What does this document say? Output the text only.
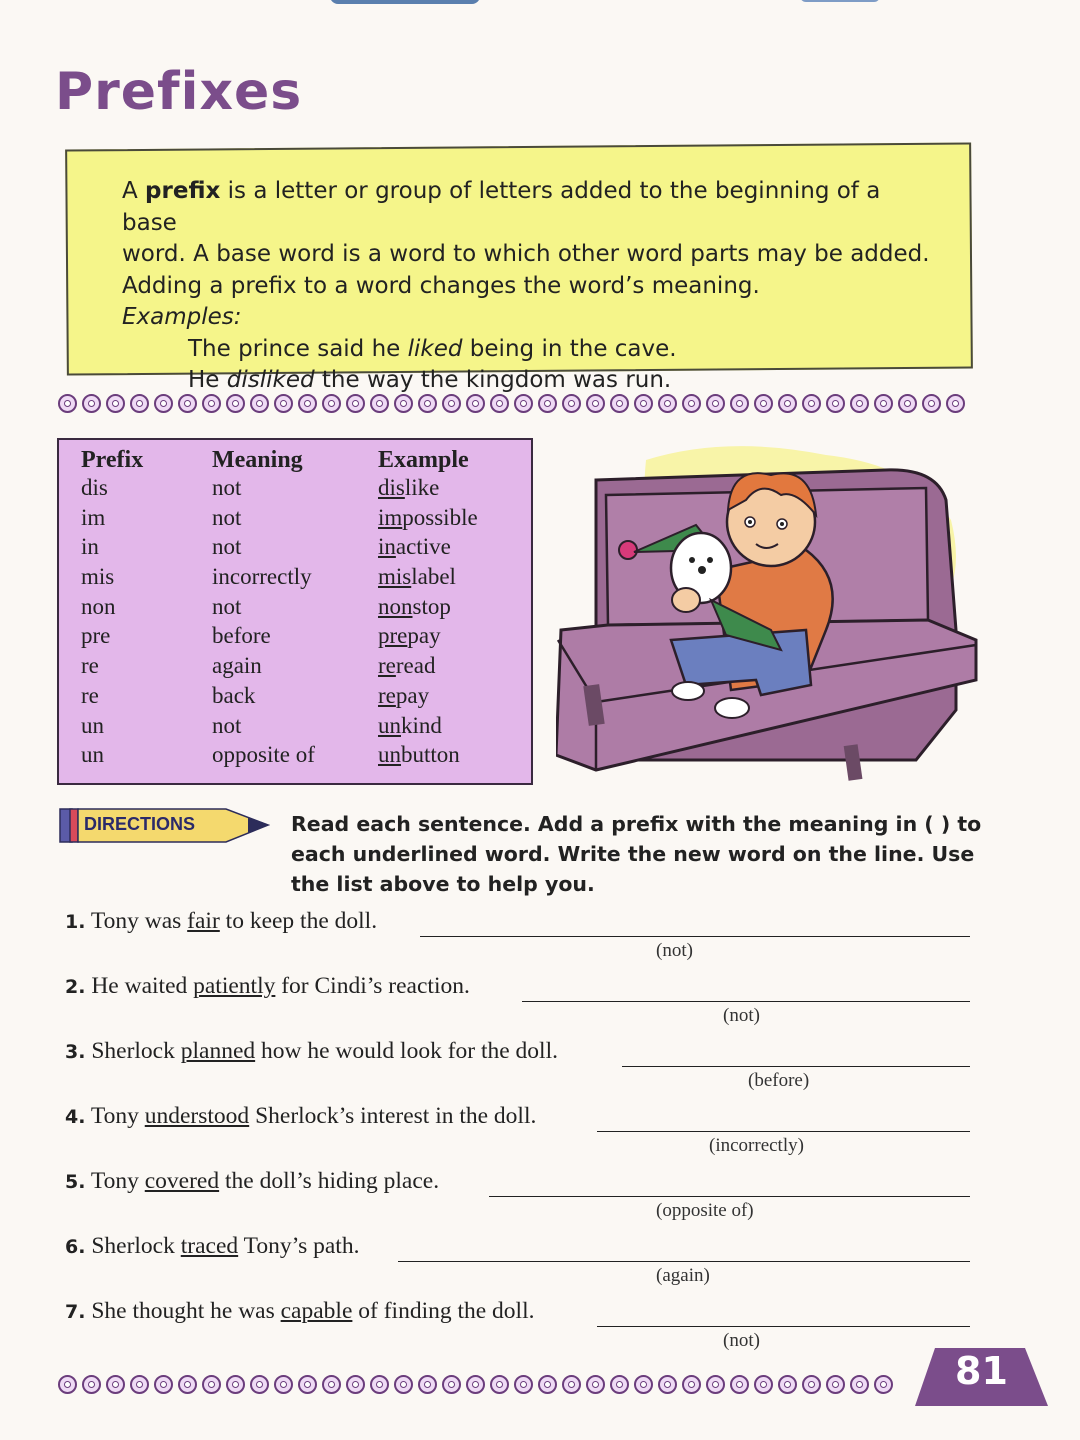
Prefixes

A prefix is a letter or group of letters added to the beginning of a base

word. A base word is a word to which other word parts may be added.

Adding a prefix to a word changes the word’s meaning.

Examples:

The prince said he liked being in the cave.

He disliked the way the kingdom was run.

Prefix	Meaning	Example
dis	not	dislike
im	not	impossible
in	not	inactive
mis	incorrectly	mislabel
non	not	nonstop
pre	before	prepay
re	again	reread
re	back	repay
un	not	unkind
un	opposite of	unbutton
DIRECTIONS	Read each sentence. Add a prefix with the meaning in ( ) to each underlined word. Write the new word on the line. Use the list above to help you.
1. Tony was fair to keep the doll.
(not)
2. He waited patiently for Cindi’s reaction.
(not)
3. Sherlock planned how he would look for the doll.
(before)
4. Tony understood Sherlock’s interest in the doll.
(incorrectly)
5. Tony covered the doll’s hiding place.
(opposite of)
6. Sherlock traced Tony’s path.
(again)
7. She thought he was capable of finding the doll.
(not)
81
